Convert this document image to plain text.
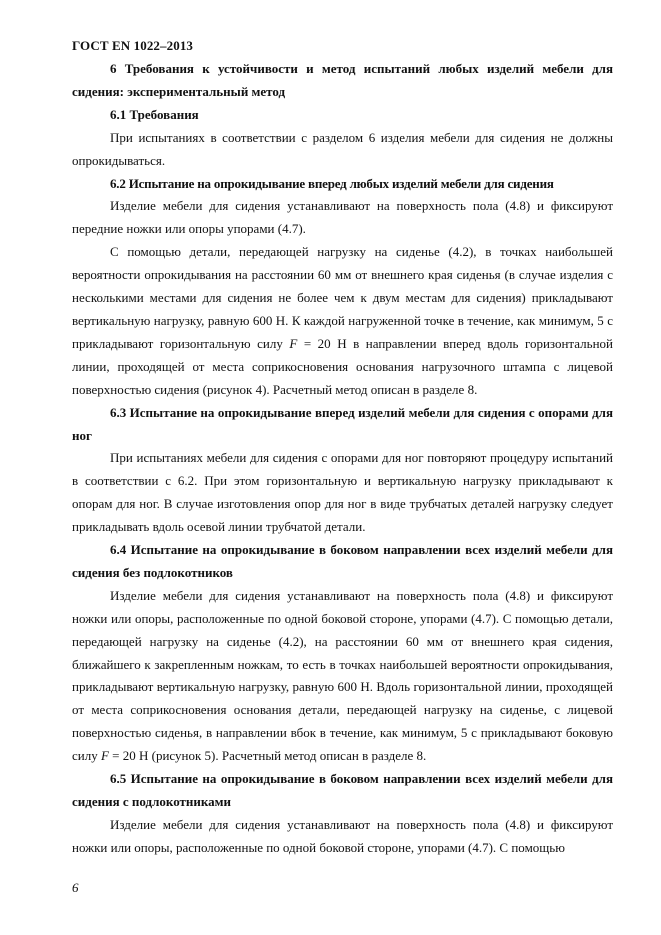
ГОСТ EN 1022–2013

6 Требования к устойчивости и метод испытаний любых изделий мебели для сидения: экспериментальный метод

6.1 Требования

При испытаниях в соответствии с разделом 6 изделия мебели для сидения не должны опрокидываться.

6.2 Испытание на опрокидывание вперед любых изделий мебели для сидения

Изделие мебели для сидения устанавливают на поверхность пола (4.8) и фиксируют передние ножки или опоры упорами (4.7).

С помощью детали, передающей нагрузку на сиденье (4.2), в точках наибольшей вероятности опрокидывания на расстоянии 60 мм от внешнего края сиденья (в случае изделия с несколькими местами для сидения не более чем к двум местам для сидения) прикладывают вертикальную нагрузку, равную 600 Н. К каждой нагруженной точке в течение, как минимум, 5 с прикладывают горизонтальную силу F = 20 Н в направлении вперед вдоль горизонтальной линии, проходящей от места соприкосновения основания нагрузочного штампа с лицевой поверхностью сидения (рисунок 4). Расчетный метод описан в разделе 8.

6.3 Испытание на опрокидывание вперед изделий мебели для сидения с опорами для ног

При испытаниях мебели для сидения с опорами для ног повторяют процедуру испытаний в соответствии с 6.2. При этом горизонтальную и вертикальную нагрузку прикладывают к опорам для ног. В случае изготовления опор для ног в виде трубчатых деталей нагрузку следует прикладывать вдоль осевой линии трубчатой детали.

6.4 Испытание на опрокидывание в боковом направлении всех изделий мебели для сидения без подлокотников

Изделие мебели для сидения устанавливают на поверхность пола (4.8) и фиксируют ножки или опоры, расположенные по одной боковой стороне, упорами (4.7). С помощью детали, передающей нагрузку на сиденье (4.2), на расстоянии 60 мм от внешнего края сидения, ближайшего к закрепленным ножкам, то есть в точках наибольшей вероятности опрокидывания, прикладывают вертикальную нагрузку, равную 600 Н. Вдоль горизонтальной линии, проходящей от места соприкосновения основания детали, передающей нагрузку на сиденье, с лицевой поверхностью сиденья, в направлении вбок в течение, как минимум, 5 с прикладывают боковую силу F = 20 Н (рисунок 5). Расчетный метод описан в разделе 8.

6.5 Испытание на опрокидывание в боковом направлении всех изделий мебели для сидения с подлокотниками

Изделие мебели для сидения устанавливают на поверхность пола (4.8) и фиксируют ножки или опоры, расположенные по одной боковой стороне, упорами (4.7). С помощью

6
